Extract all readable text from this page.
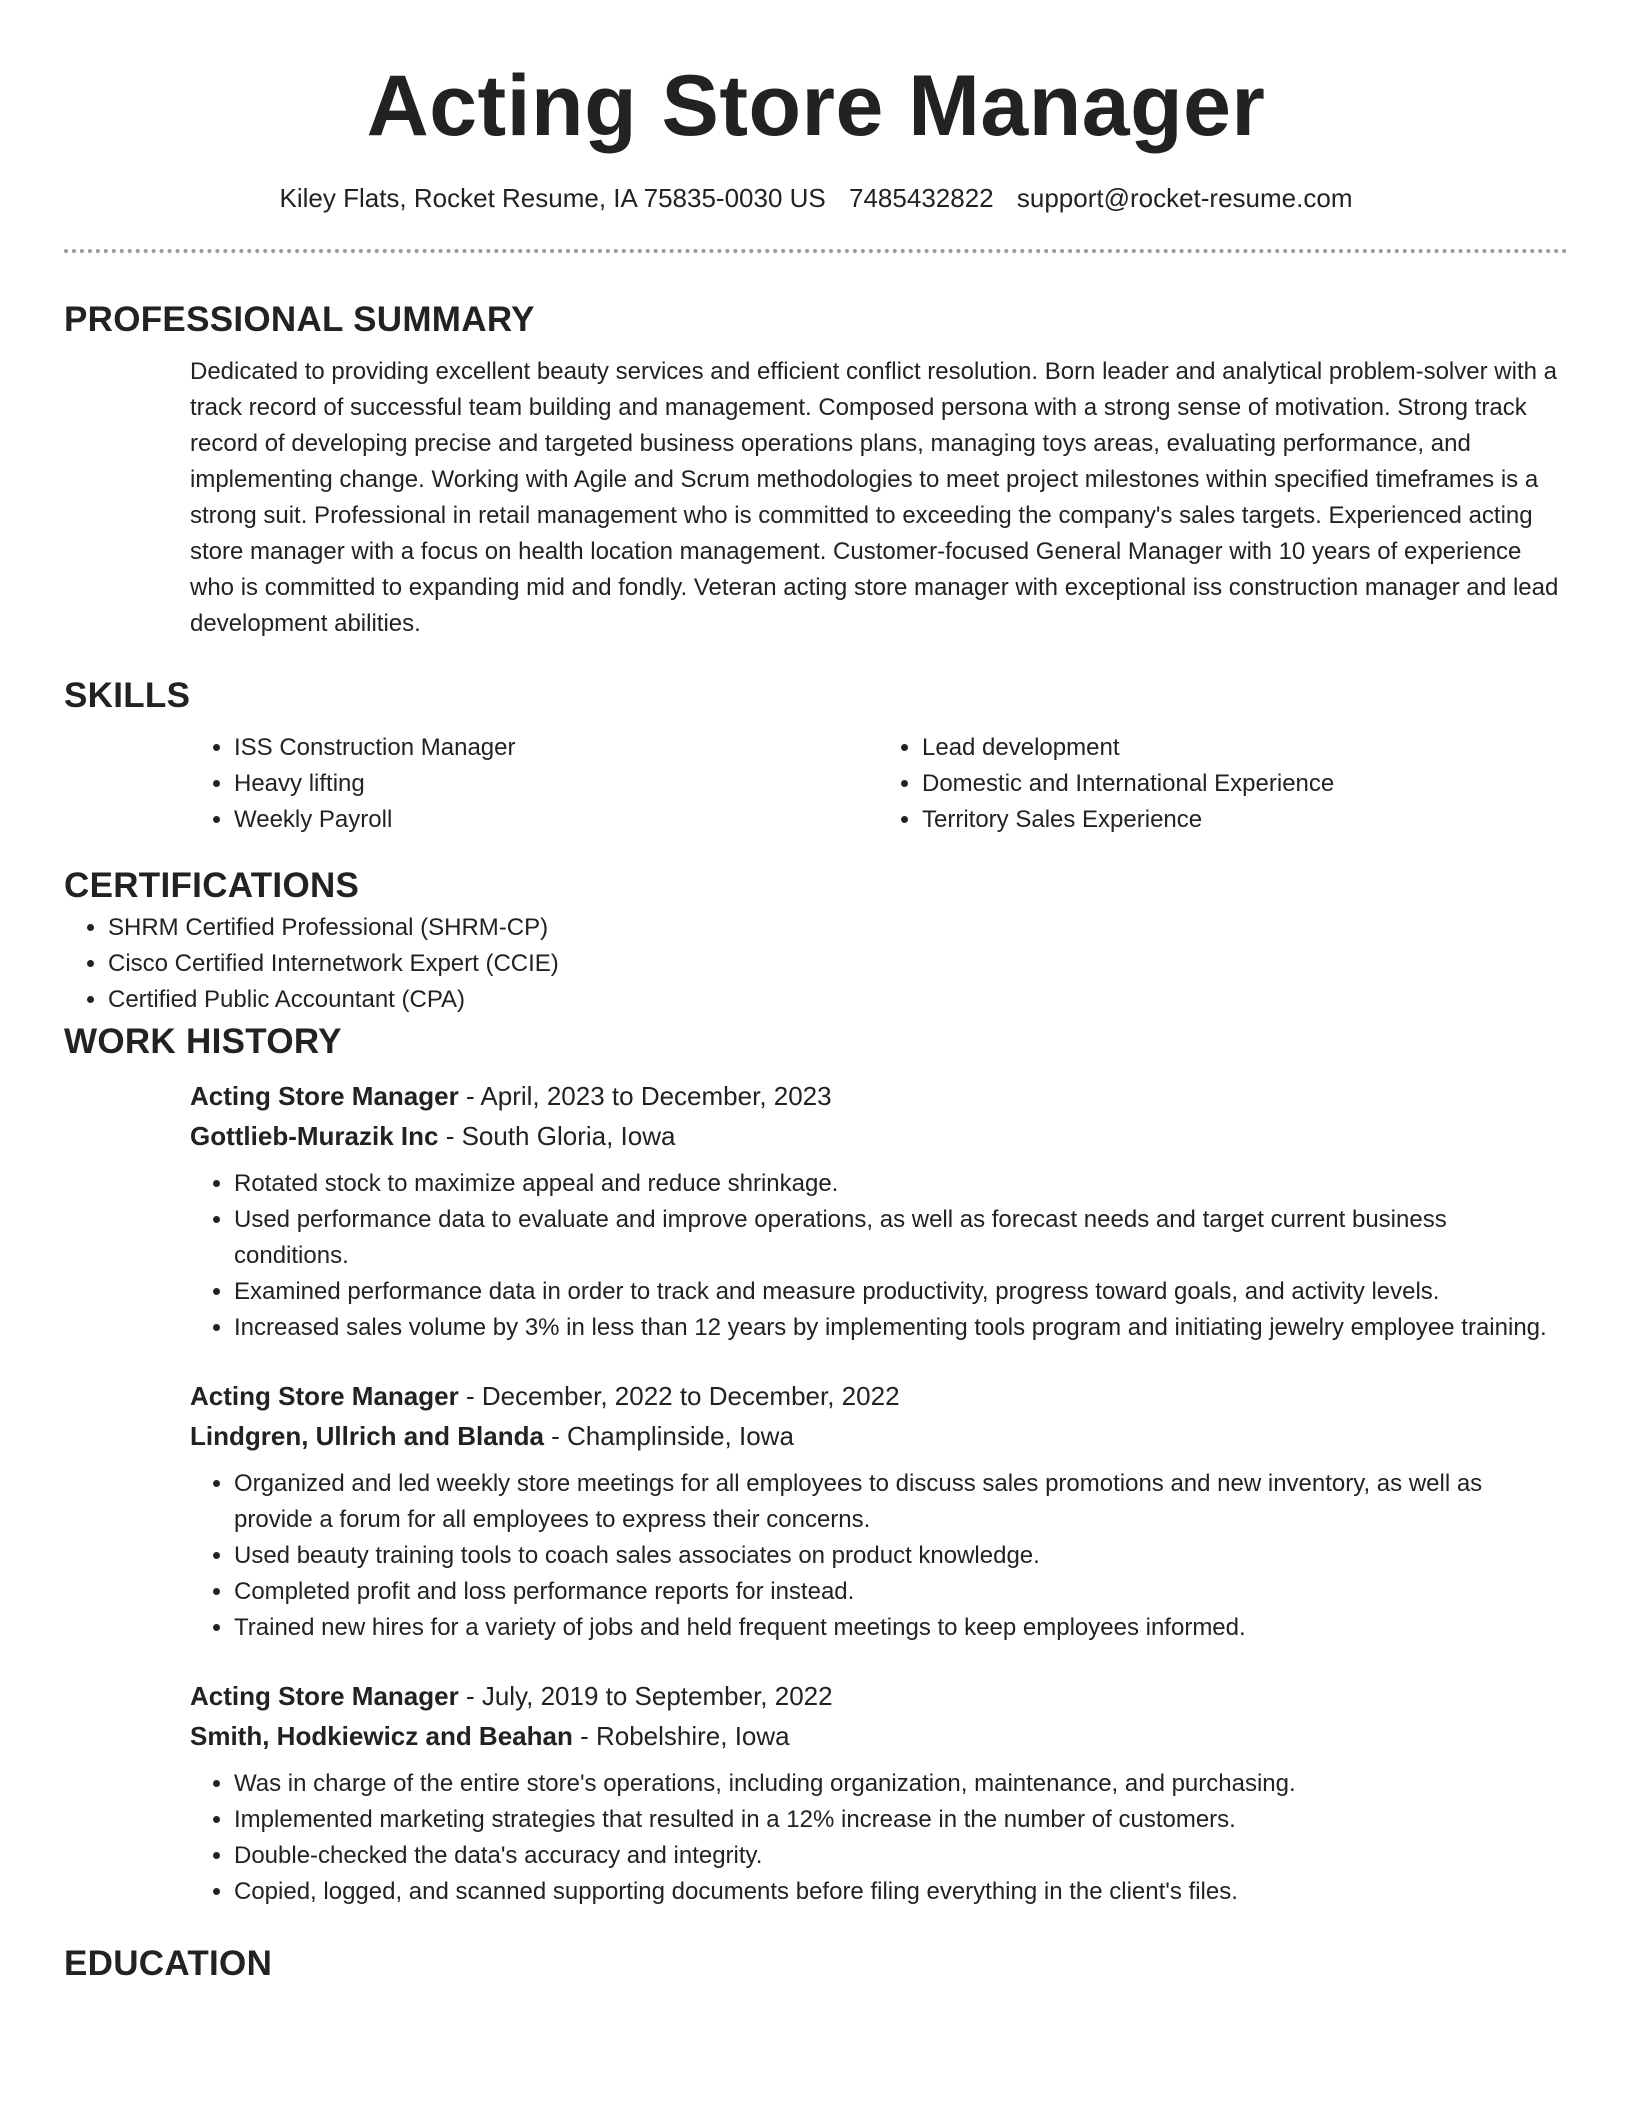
Acting Store Manager
Kiley Flats, Rocket Resume, IA 75835-0030 US 7485432822 support@rocket-resume.com
PROFESSIONAL SUMMARY

Dedicated to providing excellent beauty services and efficient conflict resolution. Born leader and analytical problem-solver with a track record of successful team building and management. Composed persona with a strong sense of motivation. Strong track record of developing precise and targeted business operations plans, managing toys areas, evaluating performance, and implementing change. Working with Agile and Scrum methodologies to meet project milestones within specified timeframes is a strong suit. Professional in retail management who is committed to exceeding the company's sales targets. Experienced acting store manager with a focus on health location management. Customer-focused General Manager with 10 years of experience who is committed to expanding mid and fondly. Veteran acting store manager with exceptional iss construction manager and lead development abilities.

SKILLS
• ISS Construction Manager
• Heavy lifting
• Weekly Payroll
• Lead development
• Domestic and International Experience
• Territory Sales Experience
CERTIFICATIONS
• SHRM Certified Professional (SHRM-CP)
• Cisco Certified Internetwork Expert (CCIE)
• Certified Public Accountant (CPA)
WORK HISTORY
Acting Store Manager - April, 2023 to December, 2023
Gottlieb-Murazik Inc - South Gloria, Iowa
• Rotated stock to maximize appeal and reduce shrinkage.
• Used performance data to evaluate and improve operations, as well as forecast needs and target current business conditions.
• Examined performance data in order to track and measure productivity, progress toward goals, and activity levels.
• Increased sales volume by 3% in less than 12 years by implementing tools program and initiating jewelry employee training.
Acting Store Manager - December, 2022 to December, 2022
Lindgren, Ullrich and Blanda - Champlinside, Iowa
• Organized and led weekly store meetings for all employees to discuss sales promotions and new inventory, as well as provide a forum for all employees to express their concerns.
• Used beauty training tools to coach sales associates on product knowledge.
• Completed profit and loss performance reports for instead.
• Trained new hires for a variety of jobs and held frequent meetings to keep employees informed.
Acting Store Manager - July, 2019 to September, 2022
Smith, Hodkiewicz and Beahan - Robelshire, Iowa
• Was in charge of the entire store's operations, including organization, maintenance, and purchasing.
• Implemented marketing strategies that resulted in a 12% increase in the number of customers.
• Double-checked the data's accuracy and integrity.
• Copied, logged, and scanned supporting documents before filing everything in the client's files.
EDUCATION
